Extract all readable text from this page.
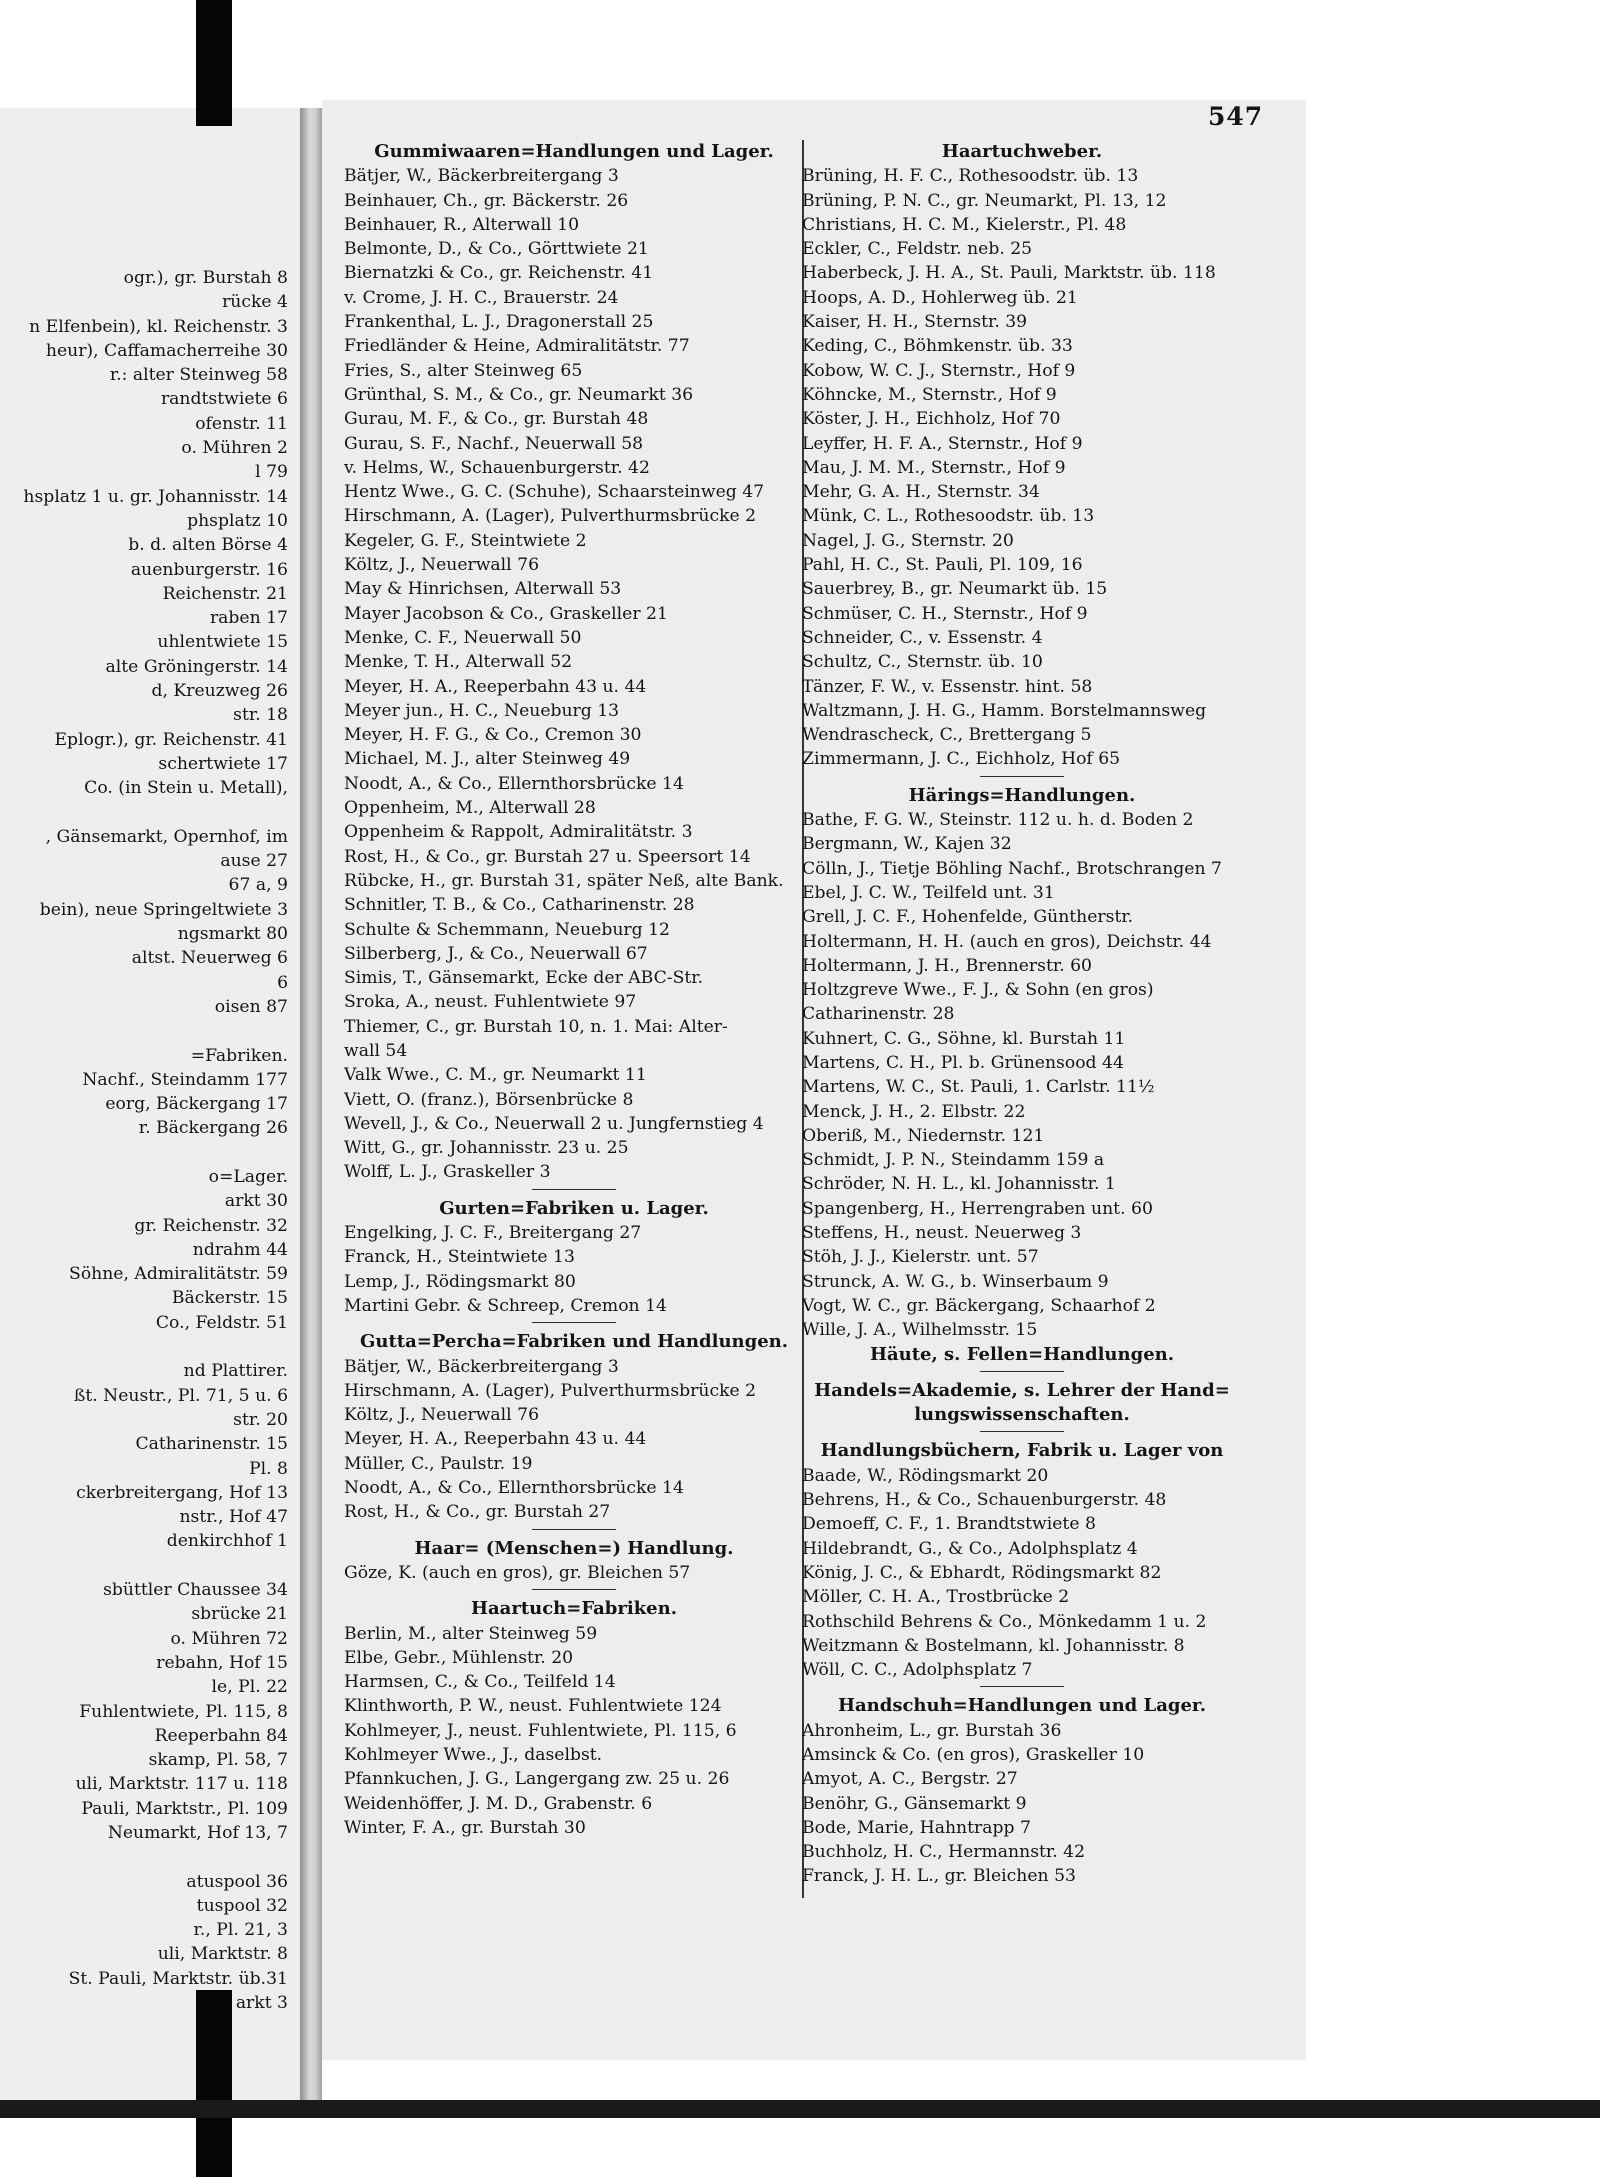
ogr.), gr. Burstah 8
rücke 4
n Elfenbein), kl. Reichenstr. 3
heur), Caffamacherreihe 30
r.: alter Steinweg 58
randtstwiete 6
ofenstr. 11
o. Mühren 2
l 79
hsplatz 1 u. gr. Johannisstr. 14
phsplatz 10
b. d. alten Börse 4
auenburgerstr. 16
Reichenstr. 21
raben 17
uhlentwiete 15
alte Gröningerstr. 14
d, Kreuzweg 26
str. 18
Eplogr.), gr. Reichenstr. 41
schertwiete 17
Co. (in Stein u. Metall),
, Gänsemarkt, Opernhof, im
ause 27
67 a, 9
bein), neue Springeltwiete 3
ngsmarkt 80
altst. Neuerweg 6
6
oisen 87
=Fabriken.
Nachf., Steindamm 177
eorg, Bäckergang 17
r. Bäckergang 26
o=Lager.
arkt 30
gr. Reichenstr. 32
ndrahm 44
Söhne, Admiralitätstr. 59
Bäckerstr. 15
Co., Feldstr. 51
nd Plattirer.
ßt. Neustr., Pl. 71, 5 u. 6
str. 20
Catharinenstr. 15
Pl. 8
ckerbreitergang, Hof 13
nstr., Hof 47
denkirchhof 1
sbüttler Chaussee 34
sbrücke 21
o. Mühren 72
rebahn, Hof 15
le, Pl. 22
Fuhlentwiete, Pl. 115, 8
Reeperbahn 84
skamp, Pl. 58, 7
uli, Marktstr. 117 u. 118
Pauli, Marktstr., Pl. 109
Neumarkt, Hof 13, 7
atuspool 36
tuspool 32
r., Pl. 21, 3
uli, Marktstr. 8
St. Pauli, Marktstr. üb.31
arkt 3
547
Gummiwaaren=Handlungen und Lager.
Bätjer, W., Bäckerbreitergang 3
Beinhauer, Ch., gr. Bäckerstr. 26
Beinhauer, R., Alterwall 10
Belmonte, D., & Co., Görttwiete 21
Biernatzki & Co., gr. Reichenstr. 41
v. Crome, J. H. C., Brauerstr. 24
Frankenthal, L. J., Dragonerstall 25
Friedländer & Heine, Admiralitätstr. 77
Fries, S., alter Steinweg 65
Grünthal, S. M., & Co., gr. Neumarkt 36
Gurau, M. F., & Co., gr. Burstah 48
Gurau, S. F., Nachf., Neuerwall 58
v. Helms, W., Schauenburgerstr. 42
Hentz Wwe., G. C. (Schuhe), Schaarsteinweg 47
Hirschmann, A. (Lager), Pulverthurmsbrücke 2
Kegeler, G. F., Steintwiete 2
Költz, J., Neuerwall 76
May & Hinrichsen, Alterwall 53
Mayer Jacobson & Co., Graskeller 21
Menke, C. F., Neuerwall 50
Menke, T. H., Alterwall 52
Meyer, H. A., Reeperbahn 43 u. 44
Meyer jun., H. C., Neueburg 13
Meyer, H. F. G., & Co., Cremon 30
Michael, M. J., alter Steinweg 49
Noodt, A., & Co., Ellernthorsbrücke 14
Oppenheim, M., Alterwall 28
Oppenheim & Rappolt, Admiralitätstr. 3
Rost, H., & Co., gr. Burstah 27 u. Speersort 14
Rübcke, H., gr. Burstah 31, später Neß, alte Bank.
Schnitler, T. B., & Co., Catharinenstr. 28
Schulte & Schemmann, Neueburg 12
Silberberg, J., & Co., Neuerwall 67
Simis, T., Gänsemarkt, Ecke der ABC-Str.
Sroka, A., neust. Fuhlentwiete 97
Thiemer, C., gr. Burstah 10, n. 1. Mai: Alter-
wall 54
Valk Wwe., C. M., gr. Neumarkt 11
Viett, O. (franz.), Börsenbrücke 8
Wevell, J., & Co., Neuerwall 2 u. Jungfernstieg 4
Witt, G., gr. Johannisstr. 23 u. 25
Wolff, L. J., Graskeller 3
Gurten=Fabriken u. Lager.
Engelking, J. C. F., Breitergang 27
Franck, H., Steintwiete 13
Lemp, J., Rödingsmarkt 80
Martini Gebr. & Schreep, Cremon 14
Gutta=Percha=Fabriken und Handlungen.
Bätjer, W., Bäckerbreitergang 3
Hirschmann, A. (Lager), Pulverthurmsbrücke 2
Költz, J., Neuerwall 76
Meyer, H. A., Reeperbahn 43 u. 44
Müller, C., Paulstr. 19
Noodt, A., & Co., Ellernthorsbrücke 14
Rost, H., & Co., gr. Burstah 27
Haar= (Menschen=) Handlung.
Göze, K. (auch en gros), gr. Bleichen 57
Haartuch=Fabriken.
Berlin, M., alter Steinweg 59
Elbe, Gebr., Mühlenstr. 20
Harmsen, C., & Co., Teilfeld 14
Klinthworth, P. W., neust. Fuhlentwiete 124
Kohlmeyer, J., neust. Fuhlentwiete, Pl. 115, 6
Kohlmeyer Wwe., J., daselbst.
Pfannkuchen, J. G., Langergang zw. 25 u. 26
Weidenhöffer, J. M. D., Grabenstr. 6
Winter, F. A., gr. Burstah 30
Haartuchweber.
Brüning, H. F. C., Rothesoodstr. üb. 13
Brüning, P. N. C., gr. Neumarkt, Pl. 13, 12
Christians, H. C. M., Kielerstr., Pl. 48
Eckler, C., Feldstr. neb. 25
Haberbeck, J. H. A., St. Pauli, Marktstr. üb. 118
Hoops, A. D., Hohlerweg üb. 21
Kaiser, H. H., Sternstr. 39
Keding, C., Böhmkenstr. üb. 33
Kobow, W. C. J., Sternstr., Hof 9
Köhncke, M., Sternstr., Hof 9
Köster, J. H., Eichholz, Hof 70
Leyffer, H. F. A., Sternstr., Hof 9
Mau, J. M. M., Sternstr., Hof 9
Mehr, G. A. H., Sternstr. 34
Münk, C. L., Rothesoodstr. üb. 13
Nagel, J. G., Sternstr. 20
Pahl, H. C., St. Pauli, Pl. 109, 16
Sauerbrey, B., gr. Neumarkt üb. 15
Schmüser, C. H., Sternstr., Hof 9
Schneider, C., v. Essenstr. 4
Schultz, C., Sternstr. üb. 10
Tänzer, F. W., v. Essenstr. hint. 58
Waltzmann, J. H. G., Hamm. Borstelmannsweg
Wendrascheck, C., Brettergang 5
Zimmermann, J. C., Eichholz, Hof 65
Härings=Handlungen.
Bathe, F. G. W., Steinstr. 112 u. h. d. Boden 2
Bergmann, W., Kajen 32
Cölln, J., Tietje Böhling Nachf., Brotschrangen 7
Ebel, J. C. W., Teilfeld unt. 31
Grell, J. C. F., Hohenfelde, Güntherstr.
Holtermann, H. H. (auch en gros), Deichstr. 44
Holtermann, J. H., Brennerstr. 60
Holtzgreve Wwe., F. J., & Sohn (en gros)
Catharinenstr. 28
Kuhnert, C. G., Söhne, kl. Burstah 11
Martens, C. H., Pl. b. Grünensood 44
Martens, W. C., St. Pauli, 1. Carlstr. 11½
Menck, J. H., 2. Elbstr. 22
Oberiß, M., Niedernstr. 121
Schmidt, J. P. N., Steindamm 159 a
Schröder, N. H. L., kl. Johannisstr. 1
Spangenberg, H., Herrengraben unt. 60
Steffens, H., neust. Neuerweg 3
Stöh, J. J., Kielerstr. unt. 57
Strunck, A. W. G., b. Winserbaum 9
Vogt, W. C., gr. Bäckergang, Schaarhof 2
Wille, J. A., Wilhelmsstr. 15
Häute, s. Fellen=Handlungen.
Handels=Akademie, s. Lehrer der Hand=
lungswissenschaften.
Handlungsbüchern, Fabrik u. Lager von
Baade, W., Rödingsmarkt 20
Behrens, H., & Co., Schauenburgerstr. 48
Demoeff, C. F., 1. Brandtstwiete 8
Hildebrandt, G., & Co., Adolphsplatz 4
König, J. C., & Ebhardt, Rödingsmarkt 82
Möller, C. H. A., Trostbrücke 2
Rothschild Behrens & Co., Mönkedamm 1 u. 2
Weitzmann & Bostelmann, kl. Johannisstr. 8
Wöll, C. C., Adolphsplatz 7
Handschuh=Handlungen und Lager.
Ahronheim, L., gr. Burstah 36
Amsinck & Co. (en gros), Graskeller 10
Amyot, A. C., Bergstr. 27
Benöhr, G., Gänsemarkt 9
Bode, Marie, Hahntrapp 7
Buchholz, H. C., Hermannstr. 42
Franck, J. H. L., gr. Bleichen 53
